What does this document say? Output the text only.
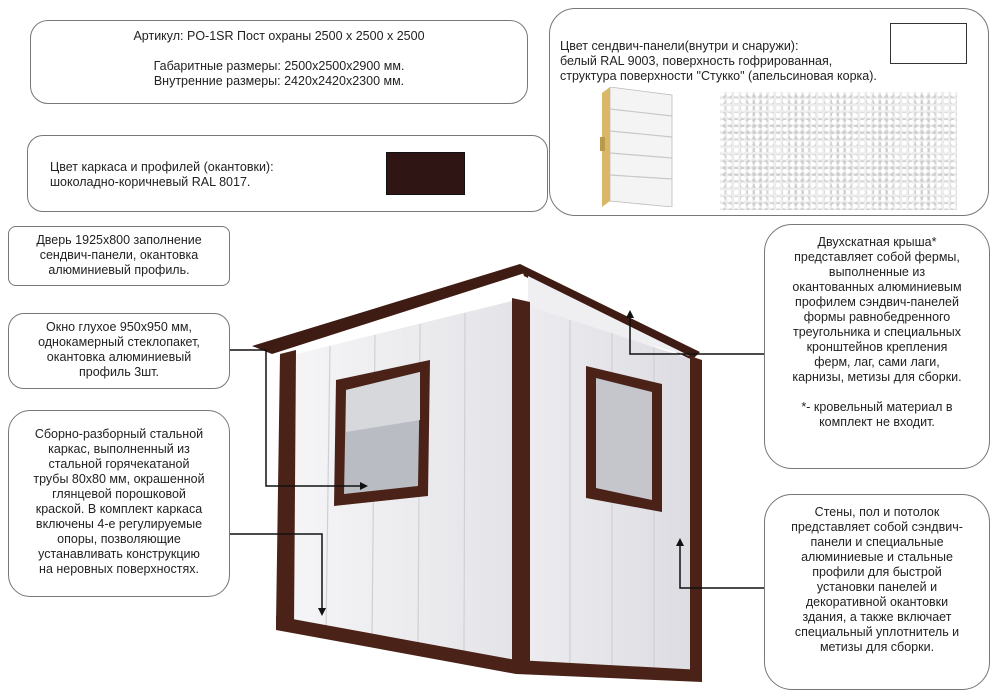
Артикул: PO-1SR Пост охраны 2500 х 2500 х 2500
Габаритные размеры: 2500х2500х2900 мм.
Внутренние размеры: 2420х2420х2300 мм.
Цвет каркаса и профилей (окантовки):
шоколадно-коричневый RAL 8017.
Цвет сендвич-панели(внутри и снаружи):
белый RAL 9003, поверхность гофрированная,
структура поверхности "Стукко" (апельсиновая корка).
Дверь 1925х800 заполнение
сендвич-панели, окантовка
алюминиевый профиль.
Окно глухое 950х950 мм,
однокамерный стеклопакет,
окантовка алюминиевый
профиль 3шт.
Сборно-разборный стальной
каркас, выполненный из
стальной горячекатаной
трубы 80х80 мм, окрашенной
глянцевой порошковой
краской. В комплект каркаса
включены 4-е регулируемые
опоры, позволяющие
устанавливать конструкцию
на неровных поверхностях.
Двухскатная крыша*
представляет собой фермы,
выполненные из
окантованных алюминиевым
профилем сэндвич-панелей
формы равнобедренного
треугольника и специальных
кронштейнов крепления
ферм, лаг, сами лаги,
карнизы, метизы для сборки.
*- кровельный материал в
комплект не входит.
Стены, пол и потолок
представляет собой сэндвич-
панели и специальные
алюминиевые и стальные
профили для быстрой
установки панелей и
декоративной окантовки
здания, а также включает
специальный уплотнитель и
метизы для сборки.
